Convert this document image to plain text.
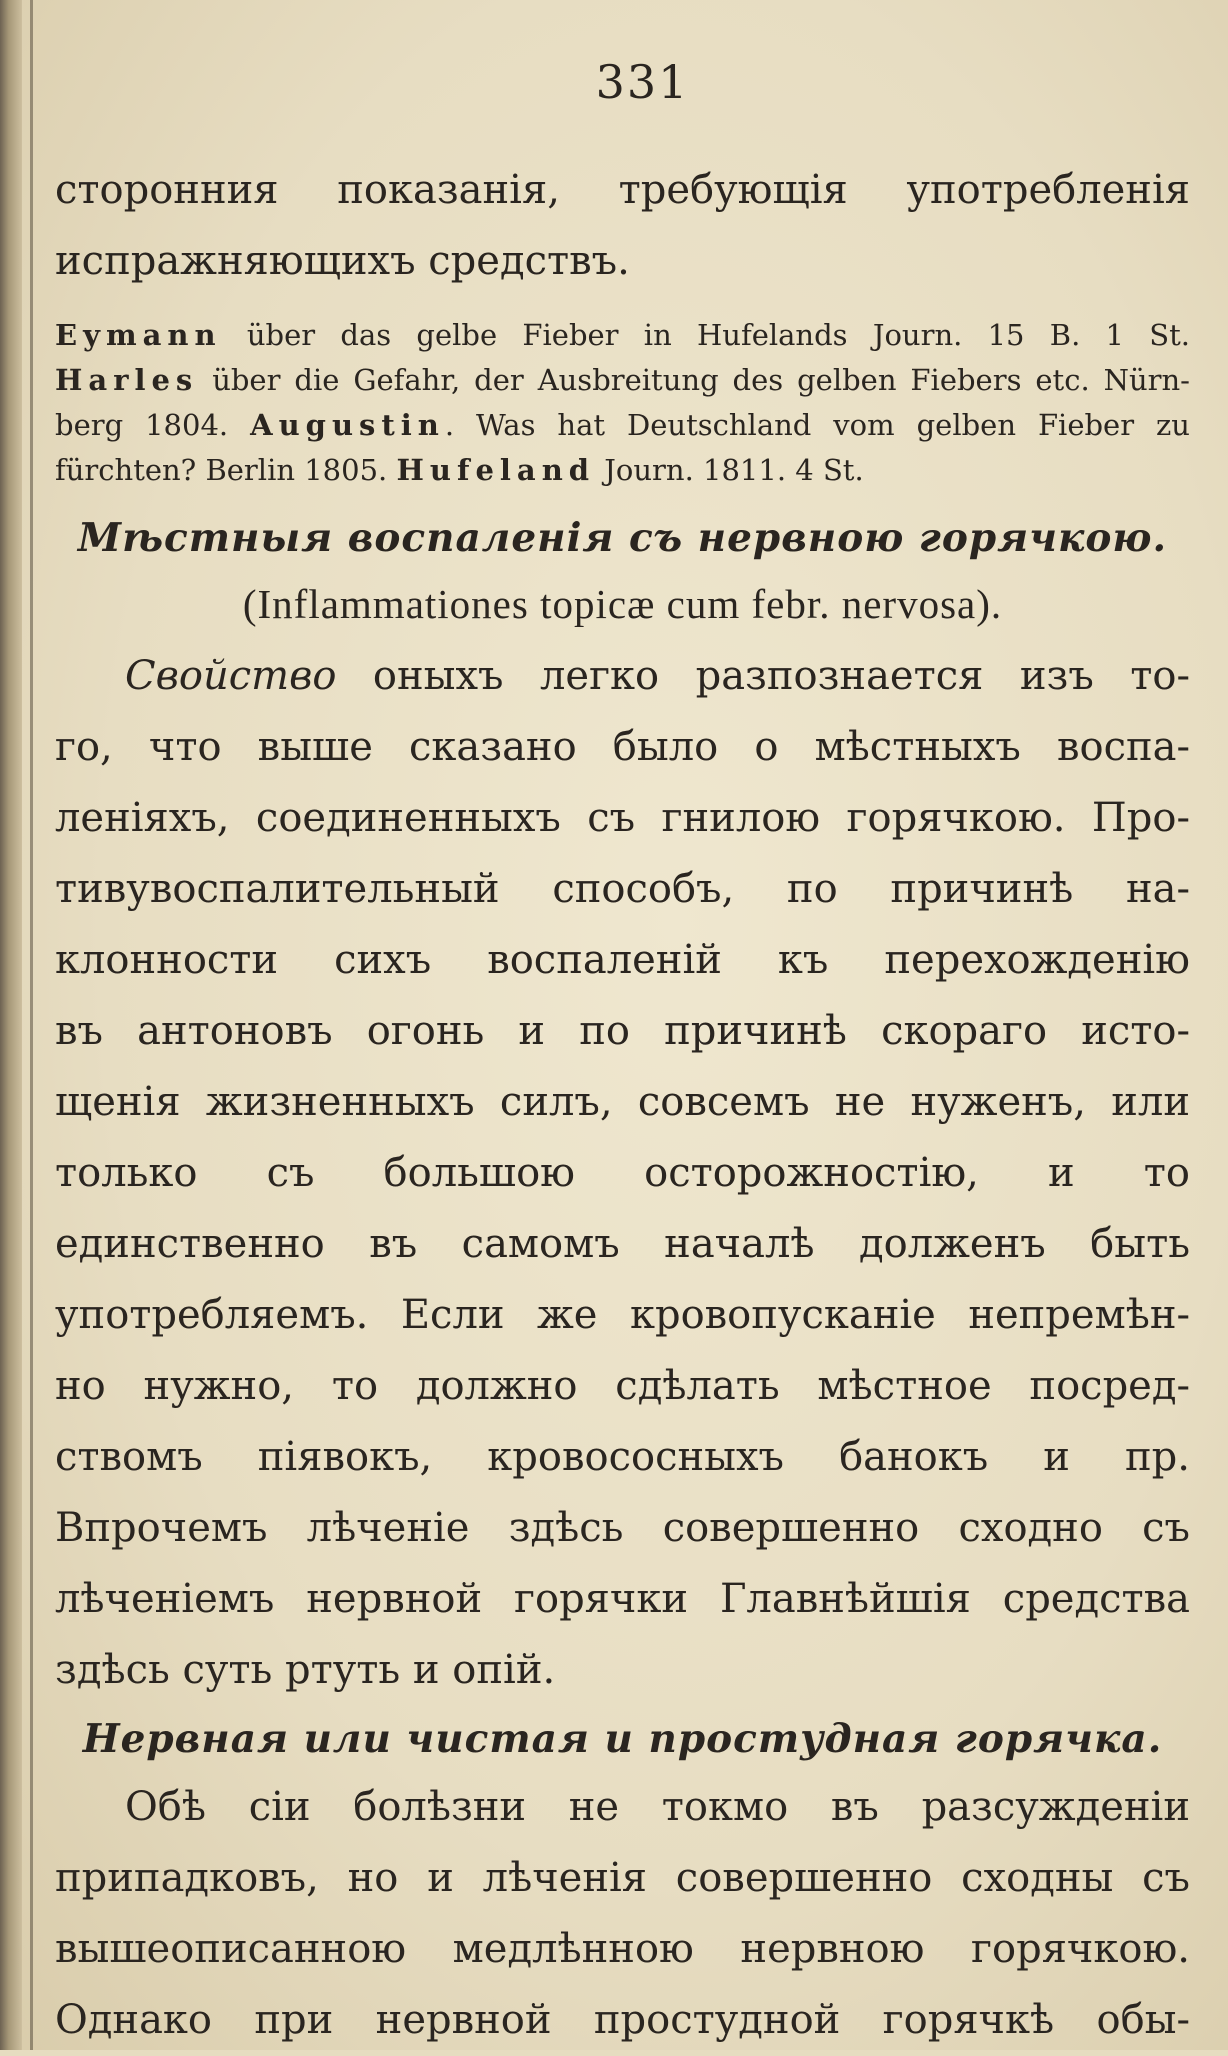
331

сторонния показанія, требующія употребленія
испражняющихъ средствъ.

Eymann über das gelbe Fieber in Hufelands Journ. 15 B. 1 St.
Harles über die Gefahr, der Ausbreitung des gelben Fiebers etc. Nürn-
berg 1804. Augustin. Was hat Deutschland vom gelben Fieber zu
fürchten? Berlin 1805. Hufeland Journ. 1811. 4 St.
Мѣстныя воспаленія съ нервною горячкою.
(Inflammationes topicæ cum febr. nervosa).

Свойство оныхъ легко разпознается изъ то-
го, что выше сказано было о мѣстныхъ воспа-
леніяхъ, соединенныхъ съ гнилою горячкою. Про-
тивувоспалительный способъ, по причинѣ на-
клонности сихъ воспаленій къ перехожденію
въ антоновъ огонь и по причинѣ скораго исто-
щенія жизненныхъ силъ, совсемъ не нуженъ, или
только съ большою осторожностію, и то
единственно въ самомъ началѣ долженъ быть
употребляемъ. Если же кровопусканіе непремѣн-
но нужно, то должно сдѣлать мѣстное посред-
ствомъ піявокъ, кровососныхъ банокъ и пр.
Впрочемъ лѣченіе здѣсь совершенно сходно съ
лѣченіемъ нервной горячки Главнѣйшія средства
здѣсь суть ртуть и опій.

Нервная или чистая и простудная горячка.

Обѣ сіи болѣзни не токмо въ разсужденіи
припадковъ, но и лѣченія совершенно сходны съ
вышеописанною медлѣнною нервною горячкою.
Однако при нервной простудной горячкѣ обы-
